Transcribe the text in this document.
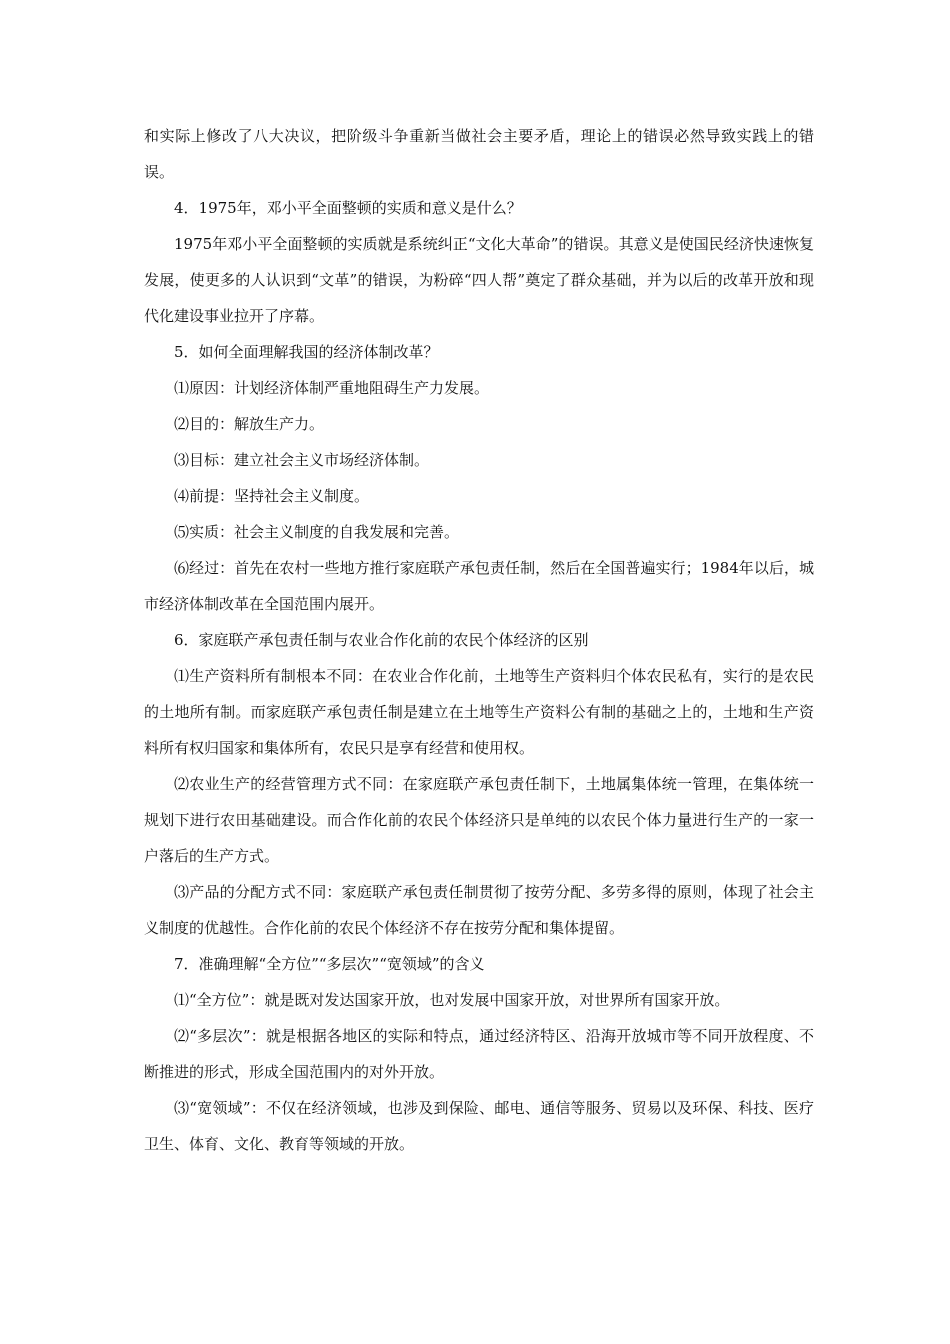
和实际上修改了八大决议，把阶级斗争重新当做社会主要矛盾，理论上的错误必然导致实践上的错误。

4．1975年，邓小平全面整顿的实质和意义是什么？

1975年邓小平全面整顿的实质就是系统纠正“文化大革命”的错误。其意义是使国民经济快速恢复发展，使更多的人认识到“文革”的错误，为粉碎“四人帮”奠定了群众基础，并为以后的改革开放和现代化建设事业拉开了序幕。

5．如何全面理解我国的经济体制改革？

⑴原因：计划经济体制严重地阻碍生产力发展。

⑵目的：解放生产力。

⑶目标：建立社会主义市场经济体制。

⑷前提：坚持社会主义制度。

⑸实质：社会主义制度的自我发展和完善。

⑹经过：首先在农村一些地方推行家庭联产承包责任制，然后在全国普遍实行；1984年以后，城市经济体制改革在全国范围内展开。

6．家庭联产承包责任制与农业合作化前的农民个体经济的区别

⑴生产资料所有制根本不同：在农业合作化前，土地等生产资料归个体农民私有，实行的是农民的土地所有制。而家庭联产承包责任制是建立在土地等生产资料公有制的基础之上的，土地和生产资料所有权归国家和集体所有，农民只是享有经营和使用权。

⑵农业生产的经营管理方式不同：在家庭联产承包责任制下，土地属集体统一管理，在集体统一规划下进行农田基础建设。而合作化前的农民个体经济只是单纯的以农民个体力量进行生产的一家一户落后的生产方式。

⑶产品的分配方式不同：家庭联产承包责任制贯彻了按劳分配、多劳多得的原则，体现了社会主义制度的优越性。合作化前的农民个体经济不存在按劳分配和集体提留。

7．准确理解“全方位”“多层次”“宽领域”的含义

⑴“全方位”：就是既对发达国家开放，也对发展中国家开放，对世界所有国家开放。

⑵“多层次”：就是根据各地区的实际和特点，通过经济特区、沿海开放城市等不同开放程度、不断推进的形式，形成全国范围内的对外开放。

⑶“宽领域”：不仅在经济领域，也涉及到保险、邮电、通信等服务、贸易以及环保、科技、医疗卫生、体育、文化、教育等领域的开放。
